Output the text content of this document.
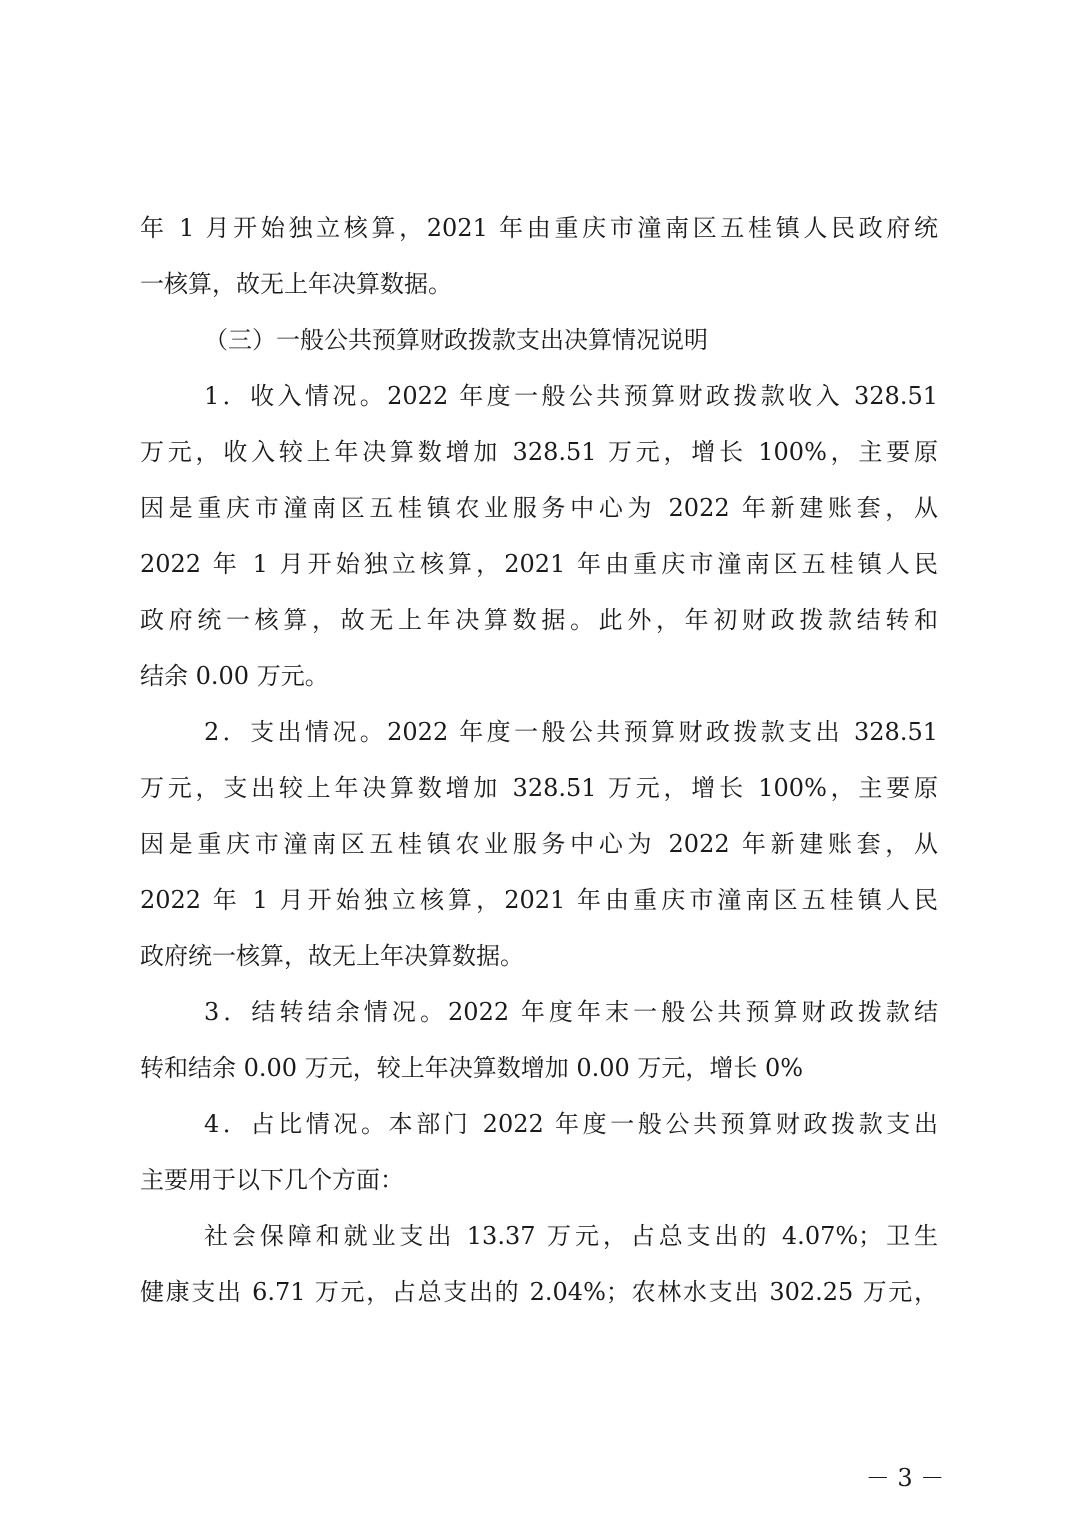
年 1 月开始独立核算，2021 年由重庆市潼南区五桂镇人民政府统
一核算，故无上年决算数据。
（三）一般公共预算财政拨款支出决算情况说明
1．收入情况。2022 年度一般公共预算财政拨款收入 328.51
万元，收入较上年决算数增加 328.51 万元，增长 100%，主要原
因是重庆市潼南区五桂镇农业服务中心为 2022 年新建账套，从
2022 年 1 月开始独立核算，2021 年由重庆市潼南区五桂镇人民
政府统一核算，故无上年决算数据。此外，年初财政拨款结转和
结余 0.00 万元。
2．支出情况。2022 年度一般公共预算财政拨款支出 328.51
万元，支出较上年决算数增加 328.51 万元，增长 100%，主要原
因是重庆市潼南区五桂镇农业服务中心为 2022 年新建账套，从
2022 年 1 月开始独立核算，2021 年由重庆市潼南区五桂镇人民
政府统一核算，故无上年决算数据。
3．结转结余情况。2022 年度年末一般公共预算财政拨款结
转和结余 0.00 万元，较上年决算数增加 0.00 万元，增长 0%
4．占比情况。本部门 2022 年度一般公共预算财政拨款支出
主要用于以下几个方面：
社会保障和就业支出 13.37 万元，占总支出的 4.07%；卫生
健康支出 6.71 万元，占总支出的 2.04%；农林水支出 302.25 万元，
－ 3 －
